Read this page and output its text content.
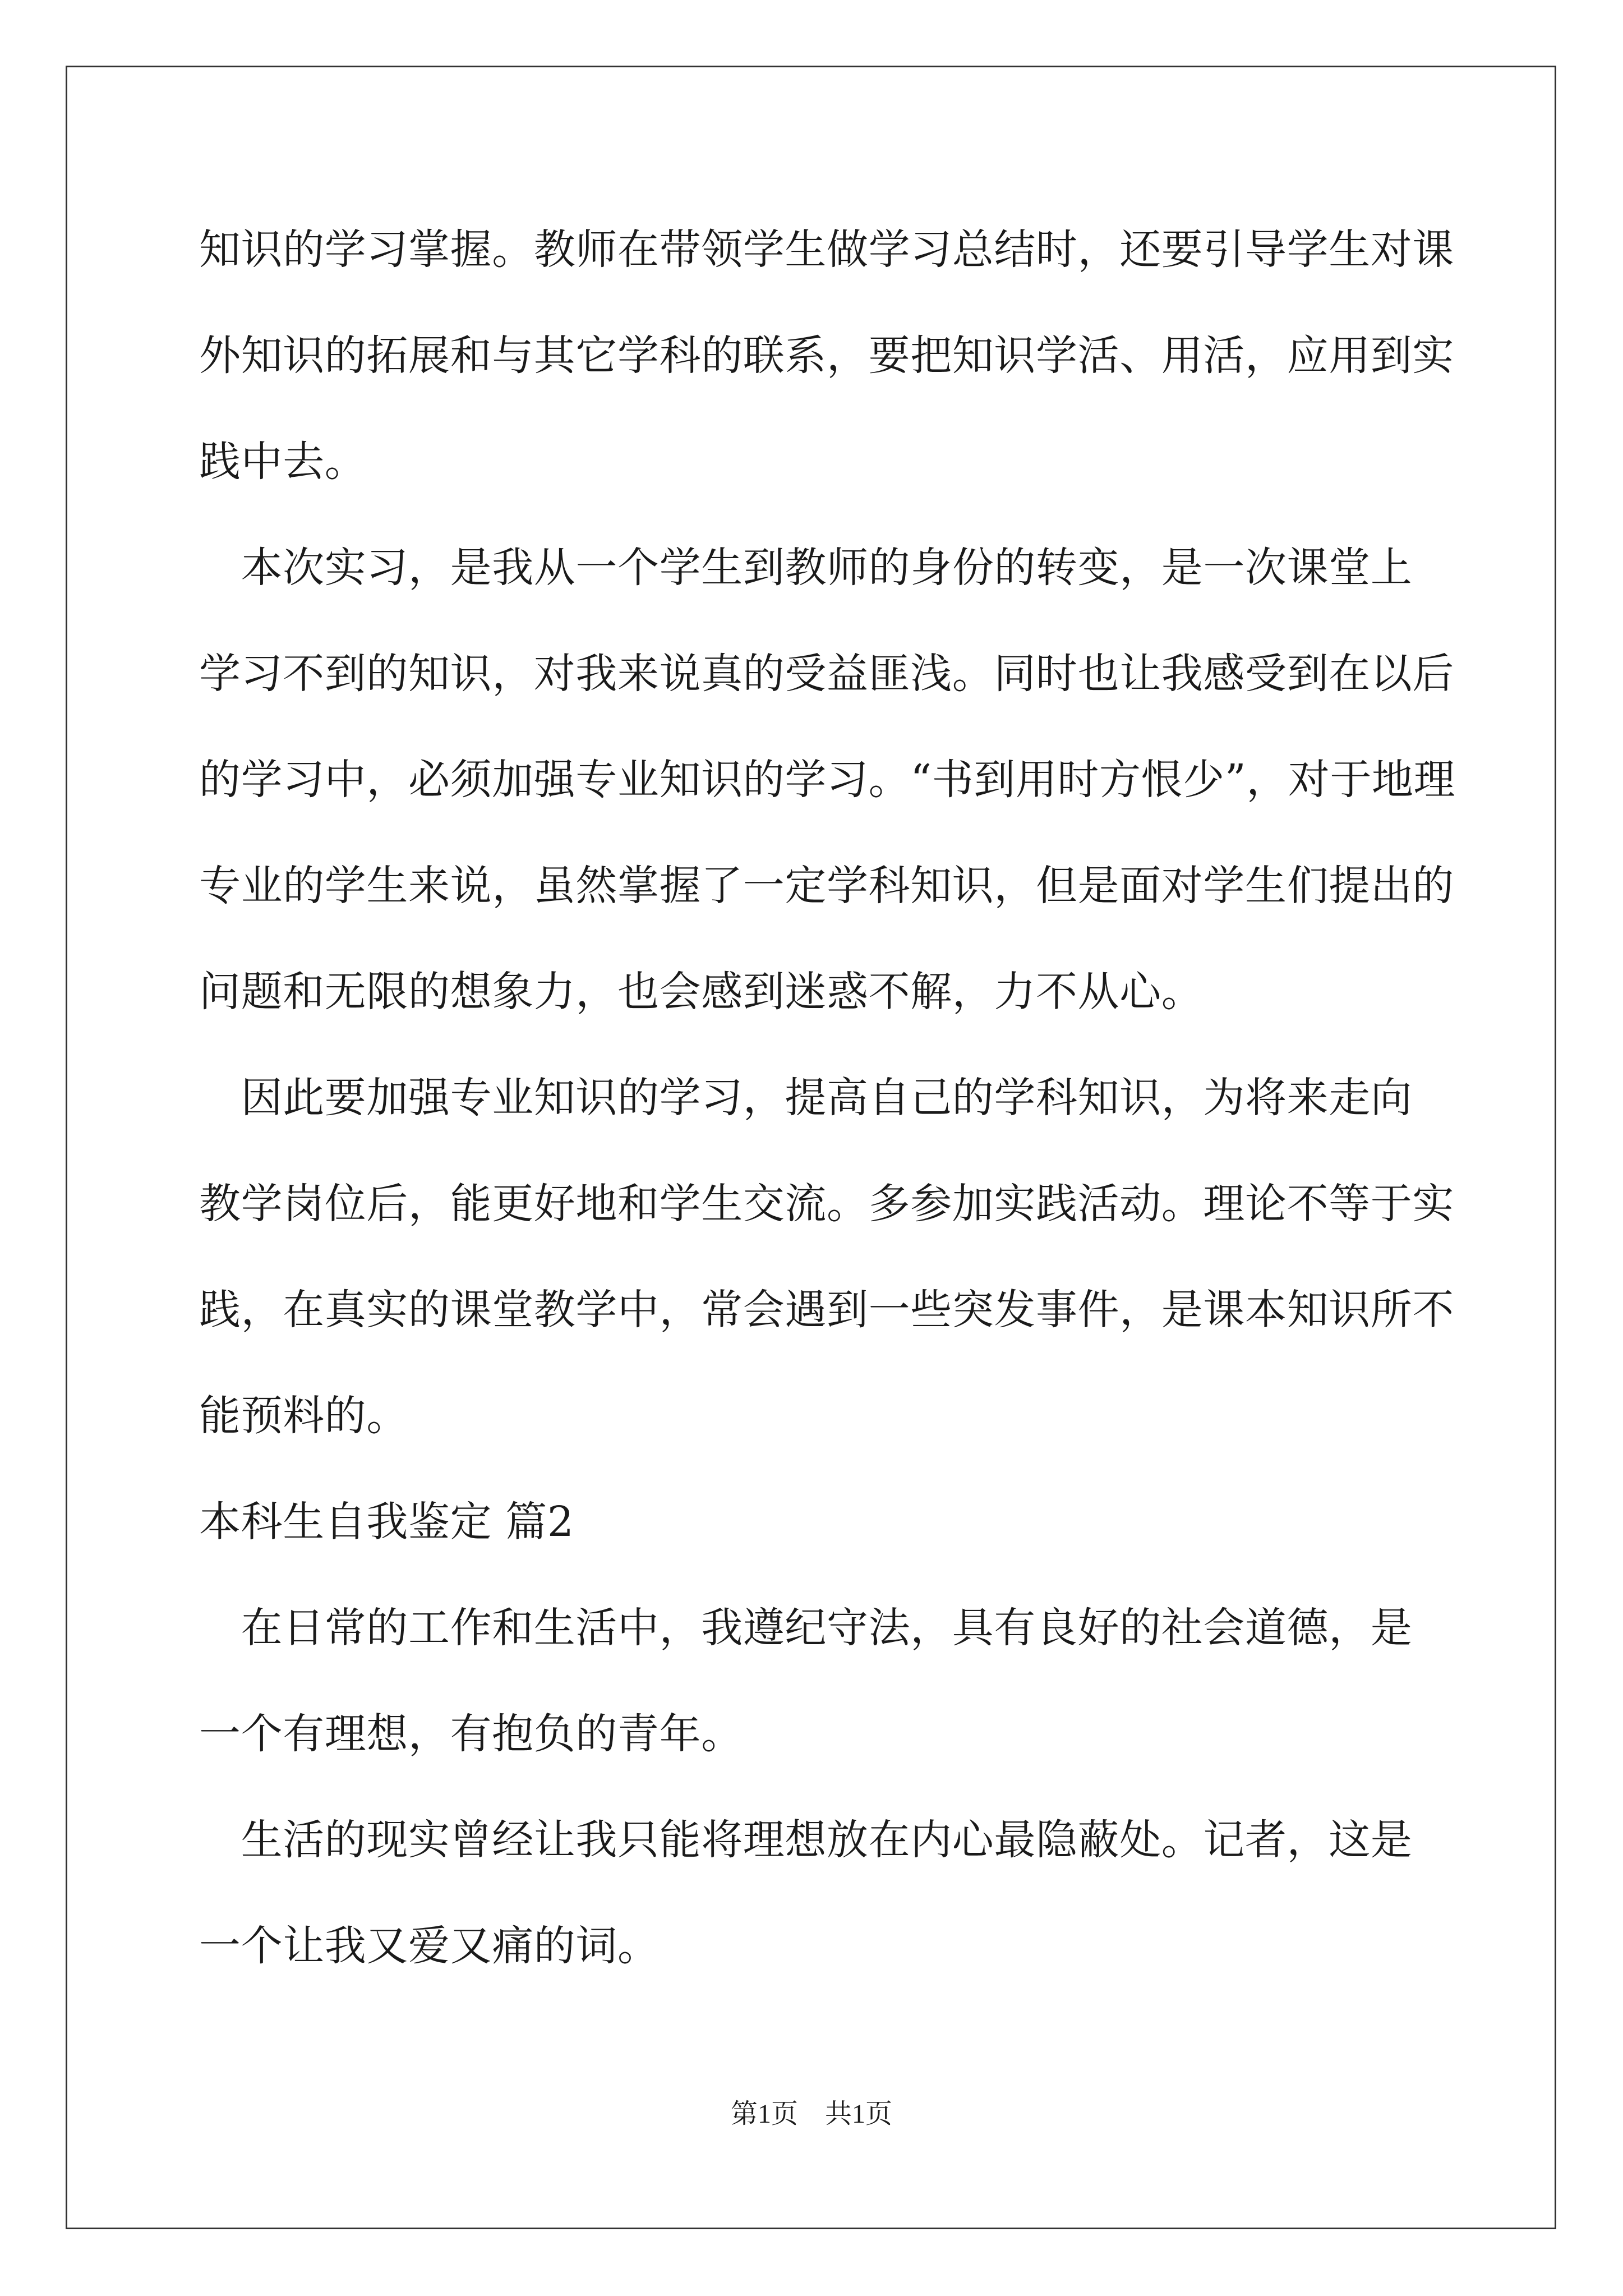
知识的学习掌握。教师在带领学生做学习总结时，还要引导学生对课
外知识的拓展和与其它学科的联系，要把知识学活、用活，应用到实
践中去。
　本次实习，是我从一个学生到教师的身份的转变，是一次课堂上
学习不到的知识，对我来说真的受益匪浅。同时也让我感受到在以后
的学习中，必须加强专业知识的学习。“书到用时方恨少”，对于地理
专业的学生来说，虽然掌握了一定学科知识，但是面对学生们提出的
问题和无限的想象力，也会感到迷惑不解，力不从心。
　因此要加强专业知识的学习，提高自己的学科知识，为将来走向
教学岗位后，能更好地和学生交流。多参加实践活动。理论不等于实
践，在真实的课堂教学中，常会遇到一些突发事件，是课本知识所不
能预料的。
本科生自我鉴定 篇2
　在日常的工作和生活中，我遵纪守法，具有良好的社会道德，是
一个有理想，有抱负的青年。
　生活的现实曾经让我只能将理想放在内心最隐蔽处。记者，这是
一个让我又爱又痛的词。
第1页　共1页
